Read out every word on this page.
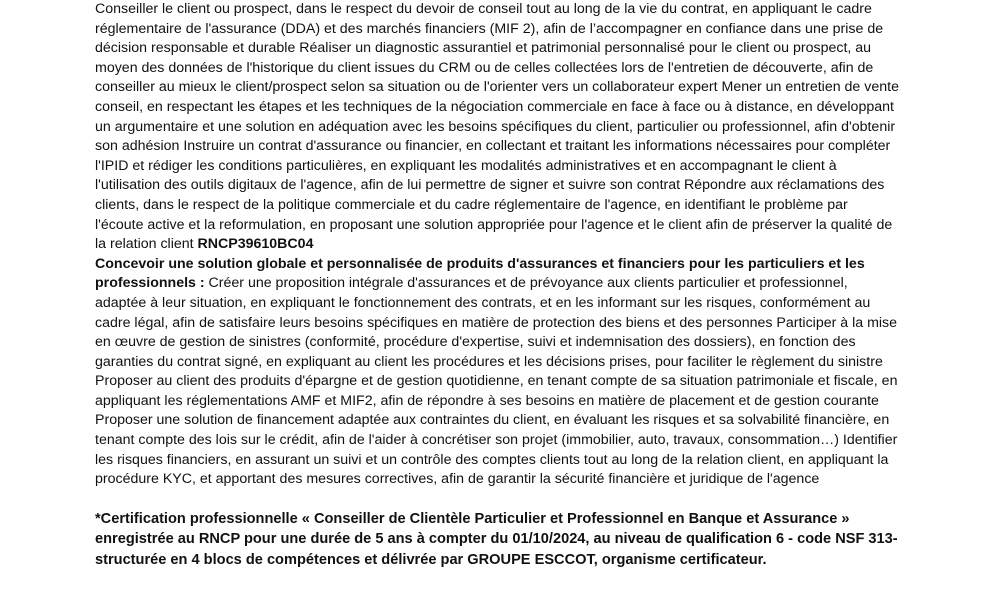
Conseiller le client ou prospect, dans le respect du devoir de conseil tout au long de la vie du contrat, en appliquant le cadre réglementaire de l'assurance (DDA) et des marchés financiers (MIF 2), afin de l’accompagner en confiance dans une prise de décision responsable et durable Réaliser un diagnostic assurantiel et patrimonial personnalisé pour le client ou prospect, au moyen des données de l'historique du client issues du CRM ou de celles collectées lors de l'entretien de découverte, afin de conseiller au mieux le client/prospect selon sa situation ou de l'orienter vers un collaborateur expert Mener un entretien de vente conseil, en respectant les étapes et les techniques de la négociation commerciale en face à face ou à distance, en développant un argumentaire et une solution en adéquation avec les besoins spécifiques du client, particulier ou professionnel, afin d'obtenir son adhésion Instruire un contrat d'assurance ou financier, en collectant et traitant les informations nécessaires pour compléter l'IPID et rédiger les conditions particulières, en expliquant les modalités administratives et en accompagnant le client à l'utilisation des outils digitaux de l'agence, afin de lui permettre de signer et suivre son contrat Répondre aux réclamations des clients, dans le respect de la politique commerciale et du cadre réglementaire de l'agence, en identifiant le problème par l'écoute active et la reformulation, en proposant une solution appropriée pour l'agence et le client afin de préserver la qualité de la relation client RNCP39610BC04
Concevoir une solution globale et personnalisée de produits d'assurances et financiers pour les particuliers et les professionnels : Créer une proposition intégrale d'assurances et de prévoyance aux clients particulier et professionnel, adaptée à leur situation, en expliquant le fonctionnement des contrats, et en les informant sur les risques, conformément au cadre légal, afin de satisfaire leurs besoins spécifiques en matière de protection des biens et des personnes Participer à la mise en œuvre de gestion de sinistres (conformité, procédure d'expertise, suivi et indemnisation des dossiers), en fonction des garanties du contrat signé, en expliquant au client les procédures et les décisions prises, pour faciliter le règlement du sinistre Proposer au client des produits d'épargne et de gestion quotidienne, en tenant compte de sa situation patrimoniale et fiscale, en appliquant les réglementations AMF et MIF2, afin de répondre à ses besoins en matière de placement et de gestion courante Proposer une solution de financement adaptée aux contraintes du client, en évaluant les risques et sa solvabilité financière, en tenant compte des lois sur le crédit, afin de l'aider à concrétiser son projet (immobilier, auto, travaux, consommation…) Identifier les risques financiers, en assurant un suivi et un contrôle des comptes clients tout au long de la relation client, en appliquant la procédure KYC, et apportant des mesures correctives, afin de garantir la sécurité financière et juridique de l'agence

*Certification professionnelle « Conseiller de Clientèle Particulier et Professionnel en Banque et Assurance » enregistrée au RNCP pour une durée de 5 ans à compter du 01/10/2024, au niveau de qualification 6 - code NSF 313- structurée en 4 blocs de compétences et délivrée par GROUPE ESCCOT, organisme certificateur.
